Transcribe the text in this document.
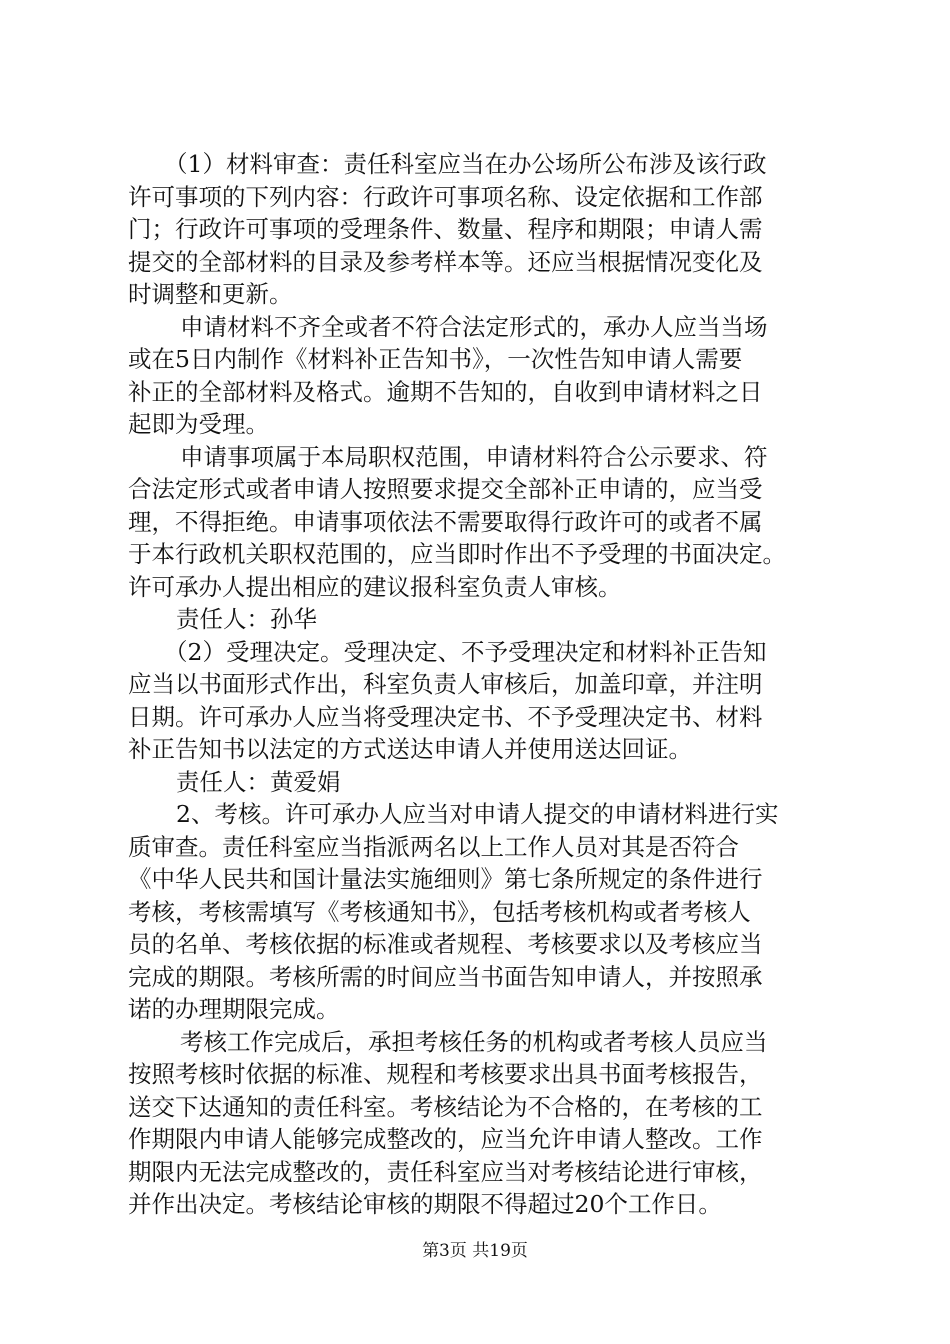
（1）材料审查：责任科室应当在办公场所公布涉及该行政
许可事项的下列内容：行政许可事项名称、设定依据和工作部
门；行政许可事项的受理条件、数量、程序和期限；申请人需
提交的全部材料的目录及参考样本等。还应当根据情况变化及
时调整和更新。
申请材料不齐全或者不符合法定形式的，承办人应当当场
或在5日内制作《材料补正告知书》，一次性告知申请人需要
补正的全部材料及格式。逾期不告知的，自收到申请材料之日
起即为受理。
申请事项属于本局职权范围，申请材料符合公示要求、符
合法定形式或者申请人按照要求提交全部补正申请的，应当受
理，不得拒绝。申请事项依法不需要取得行政许可的或者不属
于本行政机关职权范围的，应当即时作出不予受理的书面决定。
许可承办人提出相应的建议报科室负责人审核。
责任人：孙华
（2）受理决定。受理决定、不予受理决定和材料补正告知
应当以书面形式作出，科室负责人审核后，加盖印章，并注明
日期。许可承办人应当将受理决定书、不予受理决定书、材料
补正告知书以法定的方式送达申请人并使用送达回证。
责任人：黄爱娟
2、考核。许可承办人应当对申请人提交的申请材料进行实
质审查。责任科室应当指派两名以上工作人员对其是否符合
《中华人民共和国计量法实施细则》第七条所规定的条件进行
考核，考核需填写《考核通知书》，包括考核机构或者考核人
员的名单、考核依据的标准或者规程、考核要求以及考核应当
完成的期限。考核所需的时间应当书面告知申请人，并按照承
诺的办理期限完成。
考核工作完成后，承担考核任务的机构或者考核人员应当
按照考核时依据的标准、规程和考核要求出具书面考核报告，
送交下达通知的责任科室。考核结论为不合格的，在考核的工
作期限内申请人能够完成整改的，应当允许申请人整改。工作
期限内无法完成整改的，责任科室应当对考核结论进行审核，
并作出决定。考核结论审核的期限不得超过20个工作日。
第3页 共19页
